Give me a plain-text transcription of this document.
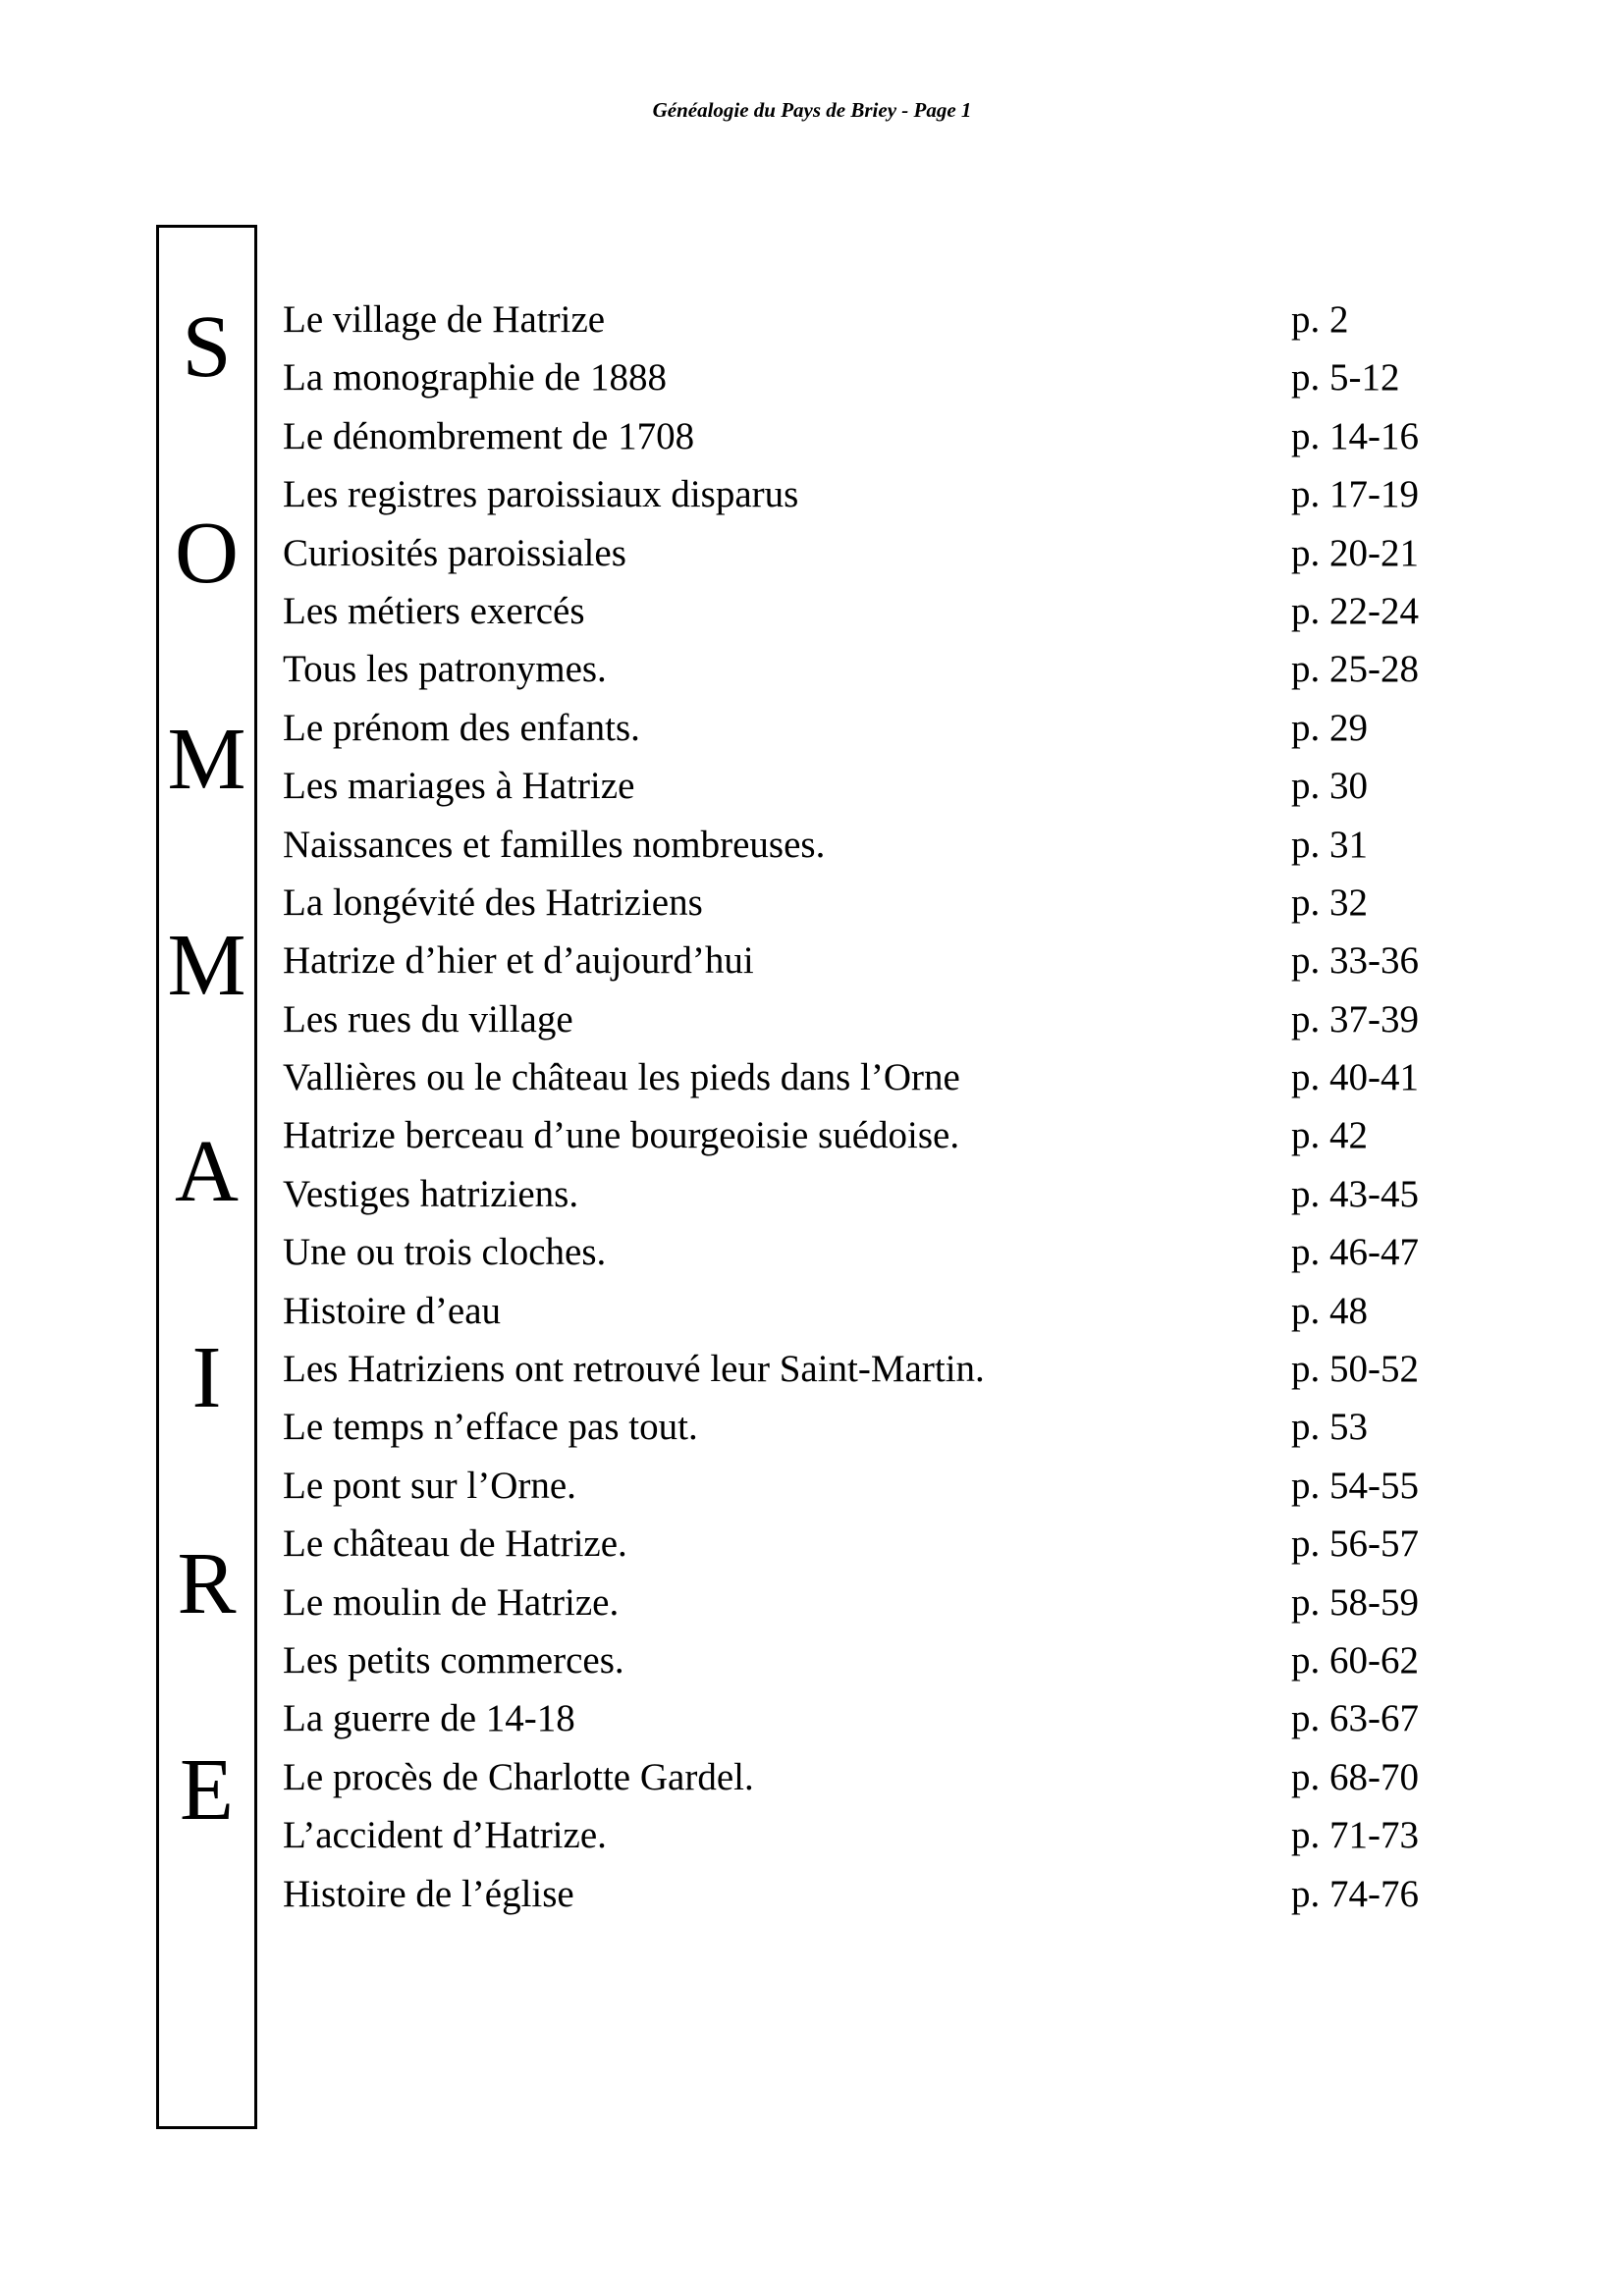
Généalogie du Pays de Briey - Page 1
S
O
M
M
A
I
R
E
Le village de Hatrize	p. 2
La monographie de 1888	p. 5-12
Le dénombrement de 1708	p. 14-16
Les registres paroissiaux disparus	p. 17-19
Curiosités paroissiales	p. 20-21
Les métiers exercés	p. 22-24
Tous les patronymes.	p. 25-28
Le prénom des enfants.	p. 29
Les mariages à Hatrize	p. 30
Naissances et familles nombreuses.	p. 31
La longévité des Hatriziens	p. 32
Hatrize d’hier et d’aujourd’hui	p. 33-36
Les rues du village	p. 37-39
Vallières ou le château les pieds dans l’Orne	p. 40-41
Hatrize berceau d’une bourgeoisie suédoise.	p. 42
Vestiges hatriziens.	p. 43-45
Une ou trois cloches.	p. 46-47
Histoire d’eau	p. 48
Les Hatriziens ont retrouvé leur Saint-Martin.	p. 50-52
Le temps n’efface pas tout.	p. 53
Le pont sur l’Orne.	p. 54-55
Le château de Hatrize.	p. 56-57
Le moulin de Hatrize.	p. 58-59
Les petits commerces.	p. 60-62
La guerre de 14-18	p. 63-67
Le procès de Charlotte Gardel.	p. 68-70
L’accident d’Hatrize.	p. 71-73
Histoire de l’église	p. 74-76
